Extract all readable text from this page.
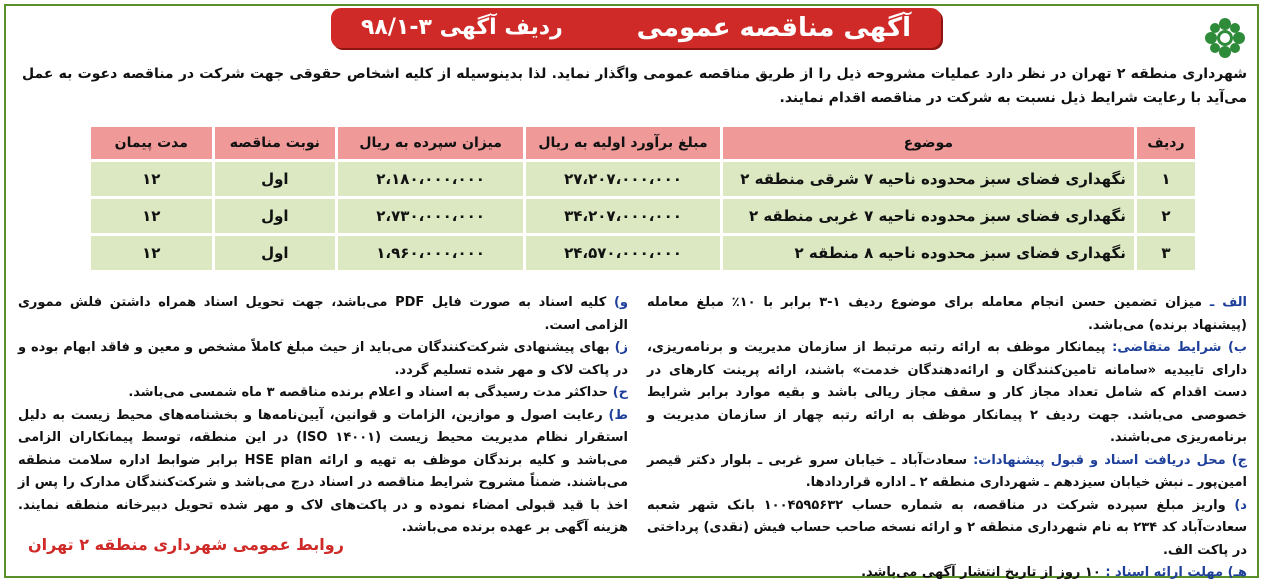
آگهی مناقصه عمومی
ردیف آگهی ۳-۹۸/۱
شهرداری منطقه ۲ تهران در نظر دارد عملیات مشروحه ذیل را از طریق مناقصه عمومی واگذار نماید. لذا بدینوسیله از کلیه اشخاص حقوقی جهت شرکت در مناقصه دعوت به عمل می‌آید با رعایت شرایط ذیل نسبت به شرکت در مناقصه اقدام نمایند.
ردیف	موضوع	مبلغ برآورد اولیه به ریال	میزان سپرده به ریال	نوبت مناقصه	مدت پیمان
۱	نگهداری فضای سبز محدوده ناحیه ۷ شرقی منطقه ۲	۲۷،۲۰۷،۰۰۰،۰۰۰	۲،۱۸۰،۰۰۰،۰۰۰	اول	۱۲
۲	نگهداری فضای سبز محدوده ناحیه ۷ غربی منطقه ۲	۳۴،۲۰۷،۰۰۰،۰۰۰	۲،۷۳۰،۰۰۰،۰۰۰	اول	۱۲
۳	نگهداری فضای سبز محدوده ناحیه ۸ منطقه ۲	۲۴،۵۷۰،۰۰۰،۰۰۰	۱،۹۶۰،۰۰۰،۰۰۰	اول	۱۲

الف ـ میزان تضمین حسن انجام معامله برای موضوع ردیف ۱-۳ برابر با ۱۰٪ مبلغ معامله (پیشنهاد برنده) می‌باشد.

ب) شرایط متقاضی: پیمانکار موظف به ارائه رتبه مرتبط از سازمان مدیریت و برنامه‌ریزی، دارای تاییدیه «سامانه تامین‌کنندگان و ارائه‌دهندگان خدمت» باشند، ارائه پرینت کارهای در دست اقدام که شامل تعداد مجاز کار و سقف مجاز ریالی باشد و بقیه موارد برابر شرایط خصوصی می‌باشد. جهت ردیف ۲ پیمانکار موظف به ارائه رتبه چهار از سازمان مدیریت و برنامه‌ریزی می‌باشند.

ج) محل دریافت اسناد و قبول پیشنهادات: سعادت‌آباد ـ خیابان سرو غربی ـ بلوار دکتر قیصر امین‌پور ـ نبش خیابان سیزدهم ـ شهرداری منطقه ۲ ـ اداره قراردادها.

د) واریز مبلغ سپرده شرکت در مناقصه، به شماره حساب ۱۰۰۴۵۹۵۶۳۲ بانک شهر شعبه سعادت‌آباد کد ۲۳۴ به نام شهرداری منطقه ۲ و ارائه نسخه صاحب حساب فیش (نقدی) پرداختی در پاکت الف.

هـ) مهلت ارائه اسناد : ۱۰ روز از تاریخ انتشار آگهی می‌باشد.

و) کلیه اسناد به صورت فایل PDF می‌باشد، جهت تحویل اسناد همراه داشتن فلش مموری الزامی است.

ز) بهای پیشنهادی شرکت‌کنندگان می‌باید از حیث مبلغ کاملاً مشخص و معین و فاقد ابهام بوده و در پاکت لاک و مهر شده تسلیم گردد.

ح) حداکثر مدت رسیدگی به اسناد و اعلام برنده مناقصه ۳ ماه شمسی می‌باشد.

ط) رعایت اصول و موازین، الزامات و قوانین، آیین‌نامه‌ها و بخشنامه‌های محیط زیست به دلیل استقرار نظام مدیریت محیط زیست (ISO ۱۴۰۰۱) در این منطقه، توسط پیمانکاران الزامی می‌باشد و کلیه برندگان موظف به تهیه و ارائه HSE plan برابر ضوابط اداره سلامت منطقه می‌باشند. ضمناً مشروح شرایط مناقصه در اسناد درج می‌باشد و شرکت‌کنندگان مدارک را پس از اخذ با قید قبولی امضاء نموده و در پاکت‌های لاک و مهر شده تحویل دبیرخانه منطقه نمایند. هزینه آگهی بر عهده برنده می‌باشد.

روابط عمومی شهرداری منطقه ۲ تهران
